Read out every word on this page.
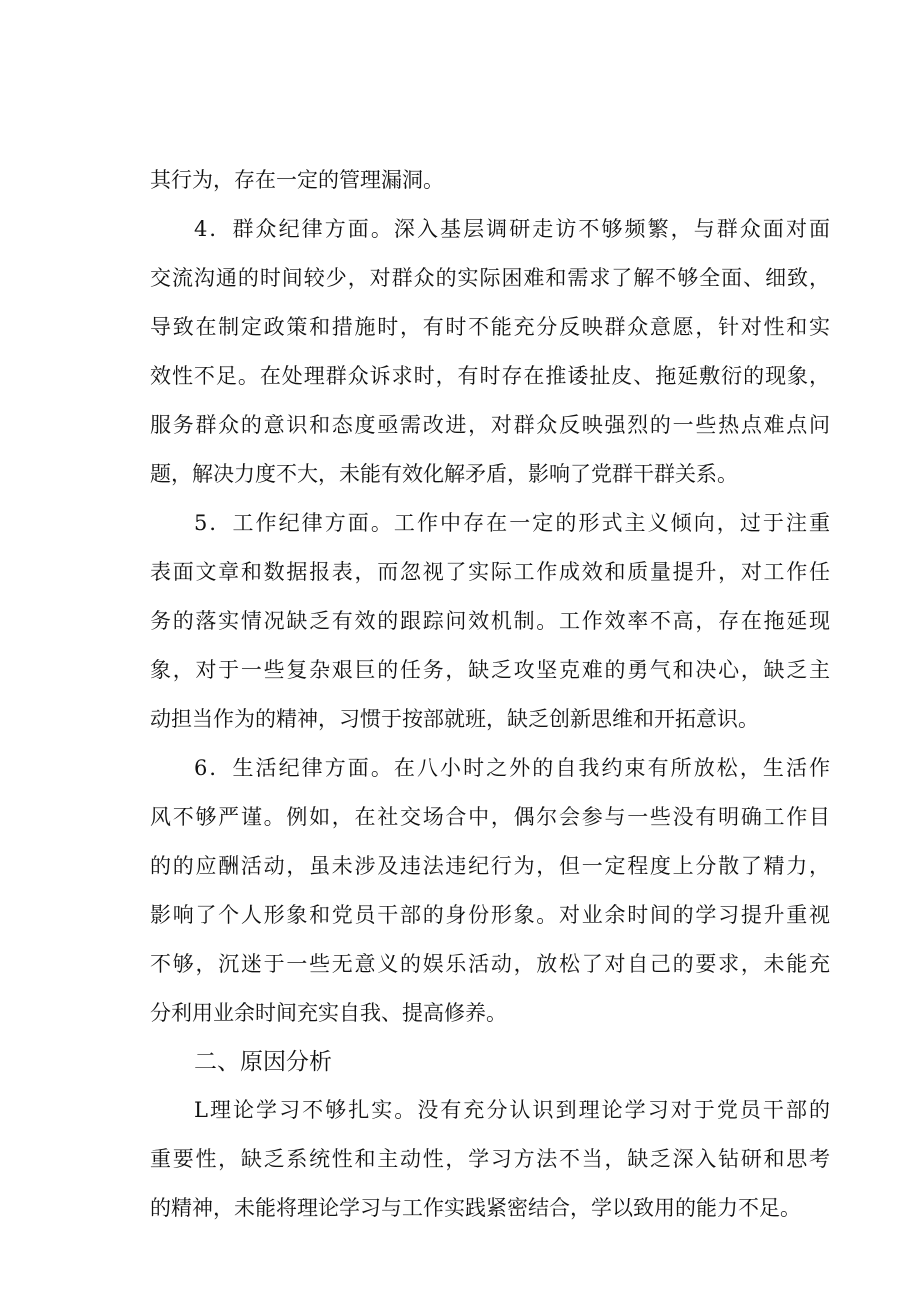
其行为，存在一定的管理漏洞。
4．群众纪律方面。深入基层调研走访不够频繁，与群众面对面
交流沟通的时间较少，对群众的实际困难和需求了解不够全面、细致，
导致在制定政策和措施时，有时不能充分反映群众意愿，针对性和实
效性不足。在处理群众诉求时，有时存在推诿扯皮、拖延敷衍的现象，
服务群众的意识和态度亟需改进，对群众反映强烈的一些热点难点问
题，解决力度不大，未能有效化解矛盾，影响了党群干群关系。
5．工作纪律方面。工作中存在一定的形式主义倾向，过于注重
表面文章和数据报表，而忽视了实际工作成效和质量提升，对工作任
务的落实情况缺乏有效的跟踪问效机制。工作效率不高，存在拖延现
象，对于一些复杂艰巨的任务，缺乏攻坚克难的勇气和决心，缺乏主
动担当作为的精神，习惯于按部就班，缺乏创新思维和开拓意识。
6．生活纪律方面。在八小时之外的自我约束有所放松，生活作
风不够严谨。例如，在社交场合中，偶尔会参与一些没有明确工作目
的的应酬活动，虽未涉及违法违纪行为，但一定程度上分散了精力，
影响了个人形象和党员干部的身份形象。对业余时间的学习提升重视
不够，沉迷于一些无意义的娱乐活动，放松了对自己的要求，未能充
分利用业余时间充实自我、提高修养。
二、原因分析
L理论学习不够扎实。没有充分认识到理论学习对于党员干部的
重要性，缺乏系统性和主动性，学习方法不当，缺乏深入钻研和思考
的精神，未能将理论学习与工作实践紧密结合，学以致用的能力不足。
